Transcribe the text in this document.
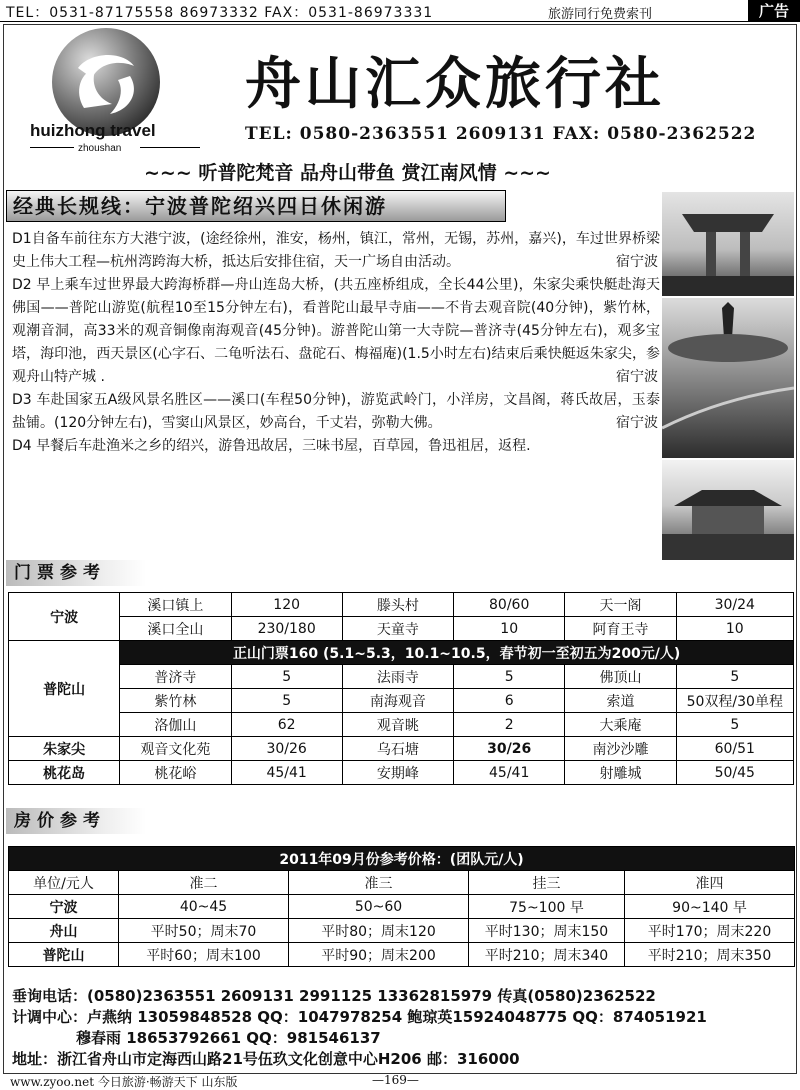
TEL：0531-87175558 86973332 FAX：0531-86973331	旅游同行免费索刊	广告
huizhong travel
zhoushan
舟山汇众旅行社
TEL: 0580-2363551 2609131 FAX: 0580-2362522
~~~ 听普陀梵音 品舟山带鱼 赏江南风情 ~~~
经典长规线：宁波普陀绍兴四日休闲游

D1自备车前往东方大港宁波，(途经徐州，淮安，杨州，镇江，常州，无锡，苏州，嘉兴)，车过世界桥梁史上伟大工程—杭州湾跨海大桥，抵达后安排住宿，天一广场自由活动。	宿宁波

D2 早上乘车过世界最大跨海桥群—舟山连岛大桥，(共五座桥组成，全长44公里)，朱家尖乘快艇赴海天佛国——普陀山游览(航程10至15分钟左右)，看普陀山最早寺庙——不肯去观音院(40分钟)，紫竹林，观潮音洞，高33米的观音铜像南海观音(45分钟)。游普陀山第一大寺院—普济寺(45分钟左右)，观多宝塔，海印池，西天景区(心字石、二龟听法石、盘砣石、梅福庵)(1.5小时左右)结束后乘快艇返朱家尖，参观舟山特产城 .	宿宁波

D3 车赴国家五A级风景名胜区——溪口(车程50分钟)，游览武岭门，小洋房，文昌阁，蒋氏故居，玉泰盐铺。(120分钟左右)，雪窦山风景区，妙高台，千丈岩，弥勒大佛。	宿宁波

D4 早餐后车赴渔米之乡的绍兴，游鲁迅故居，三味书屋，百草园，鲁迅祖居，返程.

门票参考
宁波	溪口镇上	120	滕头村	80/60	天一阁	30/24
	溪口全山	230/180	天童寺	10	阿育王寺	10
普陀山	正山门票160 (5.1~5.3，10.1~10.5，春节初一至初五为200元/人)					
	普济寺	5	法雨寺	5	佛顶山	5
	紫竹林	5	南海观音	6	索道	50双程/30单程
	洛伽山	62	观音眺	2	大乘庵	5
朱家尖	观音文化苑	30/26	乌石塘	30/26	南沙沙雕	60/51
桃花岛	桃花峪	45/41	安期峰	45/41	射雕城	50/45
房价参考
2011年09月份参考价格：(团队元/人)				
单位/元人	准二	准三	挂三	准四
宁波	40~45	50~60	75~100 早	90~140 早
舟山	平时50；周末70	平时80；周末120	平时130；周末150	平时170；周末220
普陀山	平时60；周末100	平时90；周末200	平时210；周末340	平时210；周末350
垂询电话：(0580)2363551 2609131 2991125 13362815979 传真(0580)2362522
计调中心：卢燕纳 13059848528 QQ：1047978254 鲍琼英15924048775 QQ：874051921
穆春雨 18653792661 QQ：981546137
地址：浙江省舟山市定海西山路21号伍玖文化创意中心H206 邮：316000
www.zyoo.net 今日旅游·畅游天下 山东版	—169—
